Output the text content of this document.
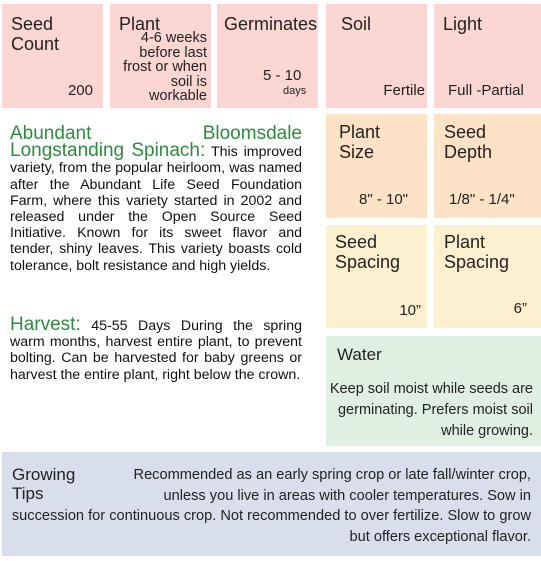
Seed Count
200
Plant
4-6 weeks before last frost or when soil is workable
Germinates
5 - 10
days
Soil
Fertile
Light
Full -Partial
Abundant Bloomsdale Longstanding Spinach: This improved variety, from the popular heirloom, was named after the Abundant Life Seed Foundation Farm, where this variety started in 2002 and released under the Open Source Seed Initiative. Known for its sweet flavor and tender, shiny leaves. This variety boasts cold tolerance, bolt resistance and high yields.
Harvest: 45-55 Days During the spring warm months, harvest entire plant, to prevent bolting. Can be harvested for baby greens or harvest the entire plant, right below the crown.
Plant Size
8" - 10"
Seed Depth
1/8" - 1/4"
Seed Spacing
10”
Plant Spacing
6”
Water
Keep soil moist while seeds are germinating. Prefers moist soil while growing.
Growing Tips
Recommended as an early spring crop or late fall/winter crop, unless you live in areas with cooler temperatures. Sow in succession for continuous crop. Not recommended to over fertilize. Slow to grow but offers exceptional flavor.
